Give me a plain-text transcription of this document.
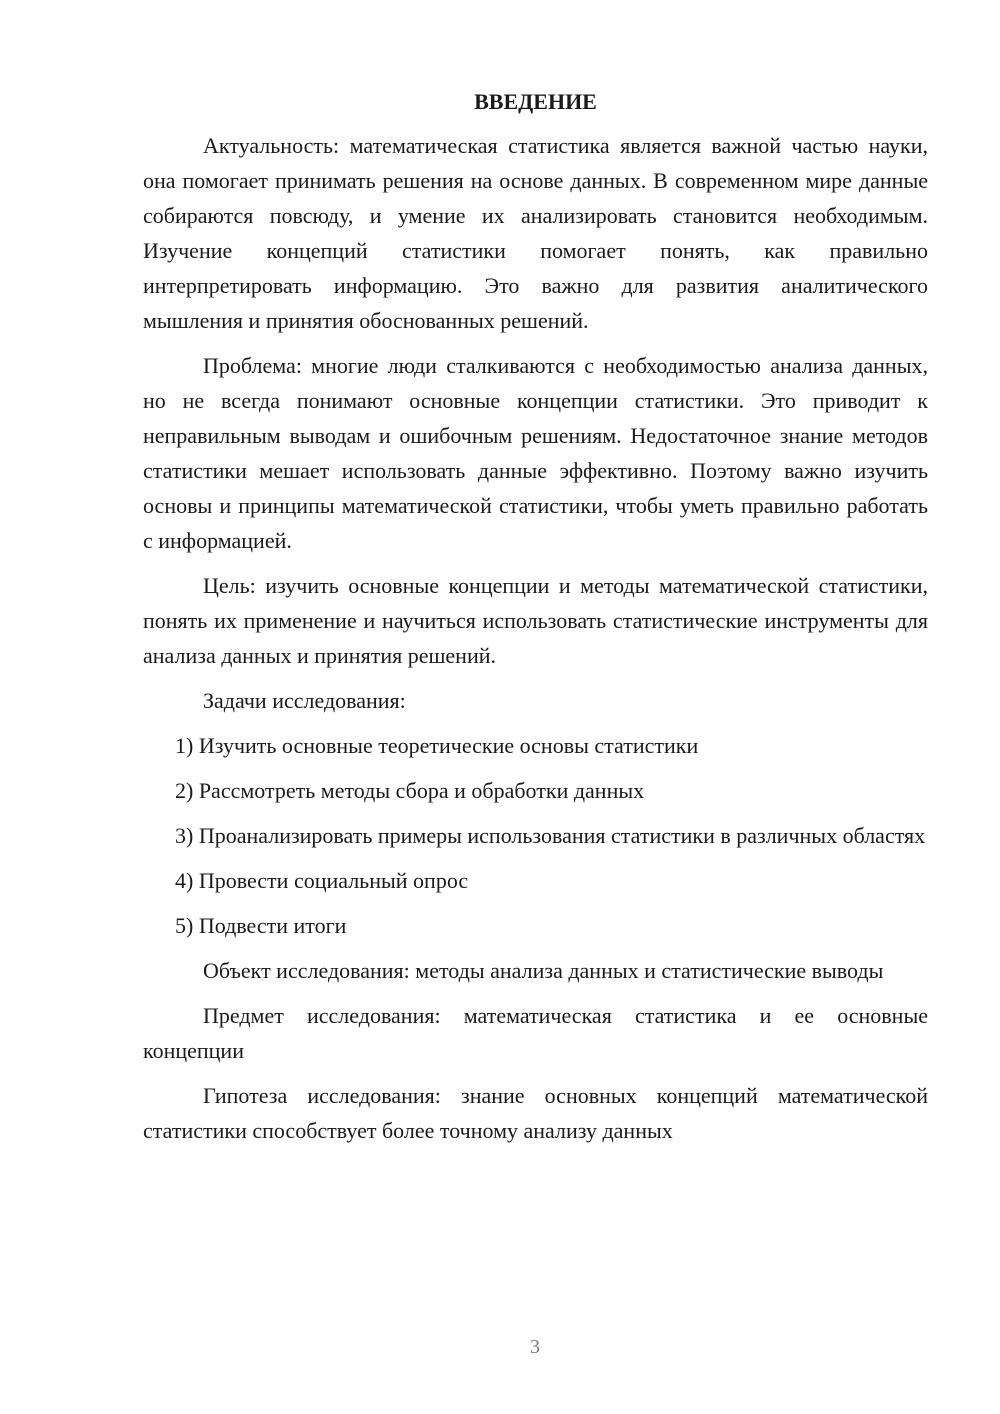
ВВЕДЕНИЕ

Актуальность: математическая статистика является важной частью науки, она помогает принимать решения на основе данных. В современном мире данные собираются повсюду, и умение их анализировать становится необходимым. Изучение концепций статистики помогает понять, как правильно интерпретировать информацию. Это важно для развития аналитического мышления и принятия обоснованных решений.

Проблема: многие люди сталкиваются с необходимостью анализа данных, но не всегда понимают основные концепции статистики. Это приводит к неправильным выводам и ошибочным решениям. Недостаточное знание методов статистики мешает использовать данные эффективно. Поэтому важно изучить основы и принципы математической статистики, чтобы уметь правильно работать с информацией.

Цель: изучить основные концепции и методы математической статистики, понять их применение и научиться использовать статистические инструменты для анализа данных и принятия решений.

Задачи исследования:

1) Изучить основные теоретические основы статистики

2) Рассмотреть методы сбора и обработки данных

3) Проанализировать примеры использования статистики в различных областях

4) Провести социальный опрос

5) Подвести итоги

Объект исследования: методы анализа данных и статистические выводы

Предмет исследования: математическая статистика и ее основные концепции

Гипотеза исследования: знание основных концепций математической статистики способствует более точному анализу данных

3
